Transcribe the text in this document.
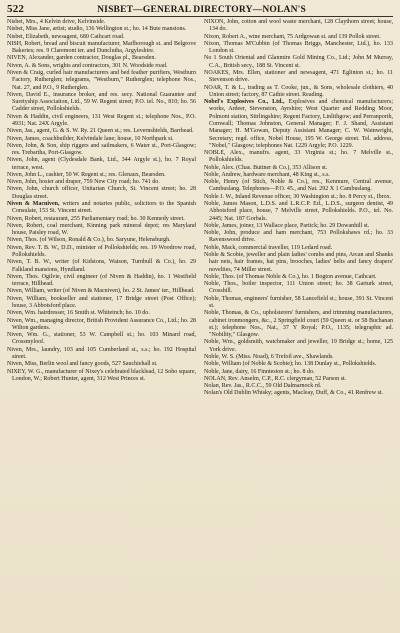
522	NISBET—GENERAL DIRECTORY—NOLAN'S

Nisbet, Mrs., 4 Kelvin drive, Kelvinside.

Nisbet, Miss Jane, artist; studio, 136 Wellington st.; ho. 14 Bute mansions.

Nisbet, Elizabeth, newsagent, 680 Cathcart road.

NISH, Robert, bread and biscuit manufacturer, Marlborough st. and Belgrove Bakeries; res. 9 Claremont ter. and Dunclutha, Argyleshire.

NIVEN, Alexander, garden contractor, Douglas pl., Bearsden.

Niven, A. & Sons, wrights and contractors, 301 N. Woodside road.

Niven & Craig, curled hair manufacturers and bed feather purifiers, Westburn Factory, Rutherglen; telegrams, "Westburn," Rutherglen; telephone Nos., Nat. 27, and P.O., 9 Rutherglen.

Niven, David E., insurance broker, and res. secy. National Guarantee and Suretyship Association, Ltd., 59 W. Regent street; P.O. tel. No., 810; ho. 56 Cadder street, Pollokshields.

Niven & Haddin, civil engineers, 131 West Regent st.; telephone Nos., P.O. 4931; Nat. 24X Argyle.

Niven, Jas., agent, G. & S. W. Ry. 21 Queen st.; res. Levernshields, Barrhead.

Niven, James, coachbuilder, Kelvindale lane; house, 10 Northpark st.

Niven, John, & Son, ship riggers and sailmakers, 6 Water st., Port-Glasgow; res. Trebartha, Port-Glasgow.

Niven, John, agent (Clydesdale Bank, Ltd., 344 Argyle st.), ho. 7 Royal terrace, west.

Niven, John L., cashier, 50 W. Regent st.; res. Glenaux, Bearsden.

Niven, John, hosier and draper, 759 New City road; ho. 741 do.

Niven, John, church officer, Unitarian Church, St. Vincent street; ho. 28 Douglas street.

Niven & Macniven, writers and notaries public, solicitors to the Spanish Consulate, 153 St. Vincent street.

Niven, Robert, restaurant, 255 Parliamentary road; ho. 30 Kennedy street.

Niven, Robert, coal merchant, Kinning park mineral depot; res Maryland house, Paisley road, W.

Niven, Thos. (of Wilson, Ronald & Co.), ho. Saryune, Helensburgh.

Niven, Rev. T. B. W., D.D., minister of Pollokshields; res. 19 Woodrow road, Pollokshields.

Niven, T. B. W., writer (of Kidstons, Watson, Turnbull & Co.), ho. 29 Falkland mansions, Hyndland.

Niven, Thos. Ogilvie, civil engineer (of Niven & Haddin), ho. 1 Westfield terrace, Hillhead.

Niven, William, writer (of Niven & Macniven), ho. 2 St. James' ter., Hillhead.

Niven, William, bookseller and stationer, 17 Bridge street (Post Office); house, 3 Abbotsford place.

Niven, Wm. hairdresser, 16 Smith st. Whiteinch; ho. 10 do.

Niven, Wm., managing director, British Provident Assurance Co., Ltd.; ho. 28 Wilton gardens.

Niven, Wm. G., stationer, 53 W. Campbell st.; ho. 103 Minard road, Crossmyloof.

Niven, Mrs., laundry, 103 and 105 Cumberland st., s.s.; ho. 192 Hospital street.

Niven, Miss, Berlin wool and fancy goods, 527 Sauchiehall st.

NIXEY, W. G., manufacturer of Nixey's celebrated blacklead, 12 Soho square, London, W.; Robert Hunter, agent, 312 West Princes st.

NIXON, John, cotton and wool waste merchant, 128 Claythorn street; house, 134 do.

Nixon, Robert A., wine merchant, 75 Ardgowan st. and 139 Pollok street.

Nixon, Thomas M'Cubbin (of Thomas Briggs, Manchester, Ltd.), ho. 133 London st.

No 1 South Oriental and Glanmire Gold Mining Co., Ltd.; John M Murray, C.A., British secy., 188 St. Vincent st.

NOAKES, Mrs. Ellen, stationer and newsagent, 471 Eglinton st.; ho. 11 Stevenson drive.

NOAR, T. & L., trading as T. Cooke, jun., & Sons, wholesale clothiers, 40 Union street; factory, 87 Cathie street. Reading.

Nobel's Explosives Co., Ltd., Explosives and chemical manufacturers; works, Ardeer, Stevenston, Ayrshire; West Quarter and Redding Moor, Polmont station, Stirlingshire; Regent Factory, Linlithgow; and Perranporth, Cornwall; Thomas Johnston, General Manager; F. J. Shand, Assistant Manager; H. M'Gowan, Deputy Assistant Manager; C. W. Wainwright, Secretary; regd. office, Nobel House, 195 W. George street. Tel. address, "Nobel," Glasgow; telephones Nat. 1229 Argyle; P.O. 1229.

NOBLE, Alex., manufrs. agent, 33 Virginia st.; ho. 7 Melville st., Pollokshields.

Noble, Alex. (Chas. Buttner & Co.), 353 Allison st.

Noble, Andrew, hardware merchant, 48 King st., s.s.

Noble, Henry (of Stich, Noble & Co.), res., Kenmure, Central avenue, Cambuslang. Telephones—P.O. 45., and Nat. 292 X 1 Cambuslang.

Noble J. W., Inland Revenue officer, 30 Washington st.; ho. 8 Percy st., Ibrox.

Noble, James Mason, L.D.S. and L.R.C.P. Ed., L.D.S., surgeon dentist, 49 Abbotsford place, house, 7 Melville street, Pollokshields. P.O., tel. No. 2445; Nat. 187 Gorbals.

Noble, James, joiner, 13 Wallace place, Partick; ho. 29 Dowanhill st.

Noble, John, produce and ham merchant, 753 Pollokshaws rd.; ho. 33 Ravenswood drive.

Noble, Mack, commercial traveller, 119 Ledard road.

Noble & Scobie, jeweller and plain ladies' combs and pins, Arcan and Shanks hair nets, hair frames, hat pins, brooches, ladies' belts and fancy drapers' novelties, 74 Miller street.

Noble, Thos. (of Thomas Noble & Co.), ho. 1 Bogton avenue, Cathcart.

Noble, Thos., boiler inspector, 111 Union street; ho. 38 Garturk street, Crosshill.

Noble, Thomas, engineers' furnisher, 58 Lancefield st.; house, 391 St. Vincent st.

Noble, Thomas, & Co., upholsterers' furnishers, and trimming manufacturers, cabinet ironmongers, &c., 2 Springfield court (59 Queen st. or 58 Buchanan st.); telephone Nos., Nat., 37 Y Royal; P.O., 1135; telegraphic ad. "Nobility," Glasgow.

Noble, Wm., goldsmith, watchmaker and jeweller, 19 Bridge st.; home, 125 York drive.

Noble, W. S. (Miss. Noad), 6 Trefoil ave., Shawlands.

Noble, William (of Noble & Scobie); ho. 138 Dunlay st., Pollokshields.

Noble, Jane, dairy, 16 Finnieston st.; ho. 8 do.

NOLAN, Rev. Anselm, C.P., R.C. clergyman, 52 Parson st.

Nolan, Rev. Jas., R.C.C., 59 Old Dalmarnock rd.

Nolan's Old Dublin Whisky; agents, Macleay, Duff, & Co., 41 Renfrew st.
